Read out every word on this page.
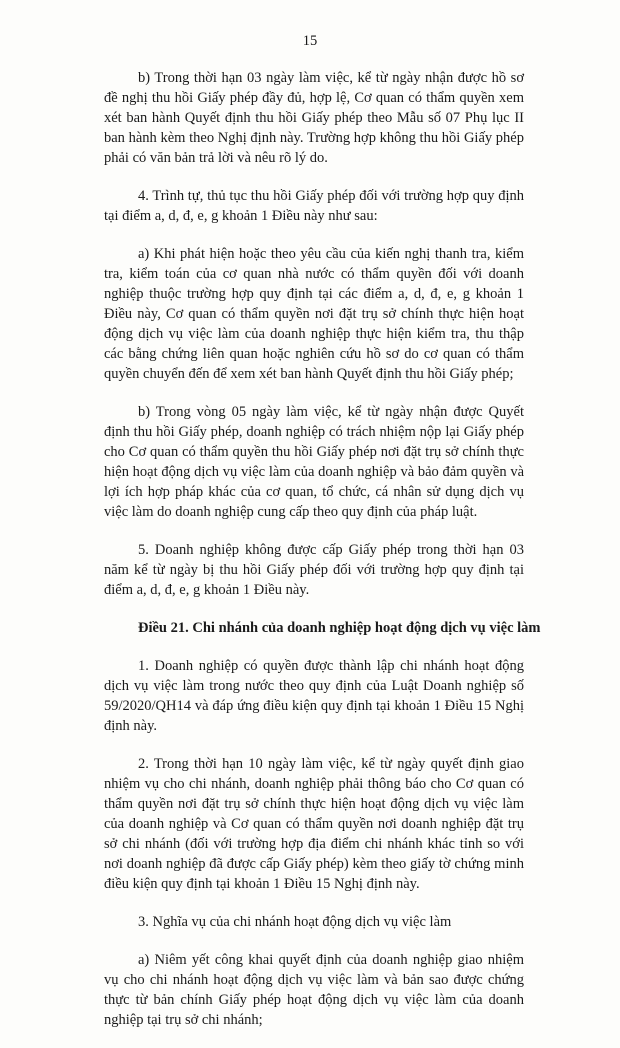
15

b) Trong thời hạn 03 ngày làm việc, kể từ ngày nhận được hồ sơ đề nghị thu hồi Giấy phép đầy đủ, hợp lệ, Cơ quan có thẩm quyền xem xét ban hành Quyết định thu hồi Giấy phép theo Mẫu số 07 Phụ lục II ban hành kèm theo Nghị định này. Trường hợp không thu hồi Giấy phép phải có văn bản trả lời và nêu rõ lý do.

4. Trình tự, thủ tục thu hồi Giấy phép đối với trường hợp quy định tại điểm a, d, đ, e, g khoản 1 Điều này như sau:

a) Khi phát hiện hoặc theo yêu cầu của kiến nghị thanh tra, kiểm tra, kiểm toán của cơ quan nhà nước có thẩm quyền đối với doanh nghiệp thuộc trường hợp quy định tại các điểm a, d, đ, e, g khoản 1 Điều này, Cơ quan có thẩm quyền nơi đặt trụ sở chính thực hiện hoạt động dịch vụ việc làm của doanh nghiệp thực hiện kiểm tra, thu thập các bằng chứng liên quan hoặc nghiên cứu hồ sơ do cơ quan có thẩm quyền chuyển đến để xem xét ban hành Quyết định thu hồi Giấy phép;

b) Trong vòng 05 ngày làm việc, kể từ ngày nhận được Quyết định thu hồi Giấy phép, doanh nghiệp có trách nhiệm nộp lại Giấy phép cho Cơ quan có thẩm quyền thu hồi Giấy phép nơi đặt trụ sở chính thực hiện hoạt động dịch vụ việc làm của doanh nghiệp và bảo đảm quyền và lợi ích hợp pháp khác của cơ quan, tổ chức, cá nhân sử dụng dịch vụ việc làm do doanh nghiệp cung cấp theo quy định của pháp luật.

5. Doanh nghiệp không được cấp Giấy phép trong thời hạn 03 năm kể từ ngày bị thu hồi Giấy phép đối với trường hợp quy định tại điểm a, d, đ, e, g khoản 1 Điều này.

Điều 21. Chi nhánh của doanh nghiệp hoạt động dịch vụ việc làm

1. Doanh nghiệp có quyền được thành lập chi nhánh hoạt động dịch vụ việc làm trong nước theo quy định của Luật Doanh nghiệp số 59/2020/QH14 và đáp ứng điều kiện quy định tại khoản 1 Điều 15 Nghị định này.

2. Trong thời hạn 10 ngày làm việc, kể từ ngày quyết định giao nhiệm vụ cho chi nhánh, doanh nghiệp phải thông báo cho Cơ quan có thẩm quyền nơi đặt trụ sở chính thực hiện hoạt động dịch vụ việc làm của doanh nghiệp và Cơ quan có thẩm quyền nơi doanh nghiệp đặt trụ sở chi nhánh (đối với trường hợp địa điểm chi nhánh khác tỉnh so với nơi doanh nghiệp đã được cấp Giấy phép) kèm theo giấy tờ chứng minh điều kiện quy định tại khoản 1 Điều 15 Nghị định này.

3. Nghĩa vụ của chi nhánh hoạt động dịch vụ việc làm

a) Niêm yết công khai quyết định của doanh nghiệp giao nhiệm vụ cho chi nhánh hoạt động dịch vụ việc làm và bản sao được chứng thực từ bản chính Giấy phép hoạt động dịch vụ việc làm của doanh nghiệp tại trụ sở chi nhánh;
